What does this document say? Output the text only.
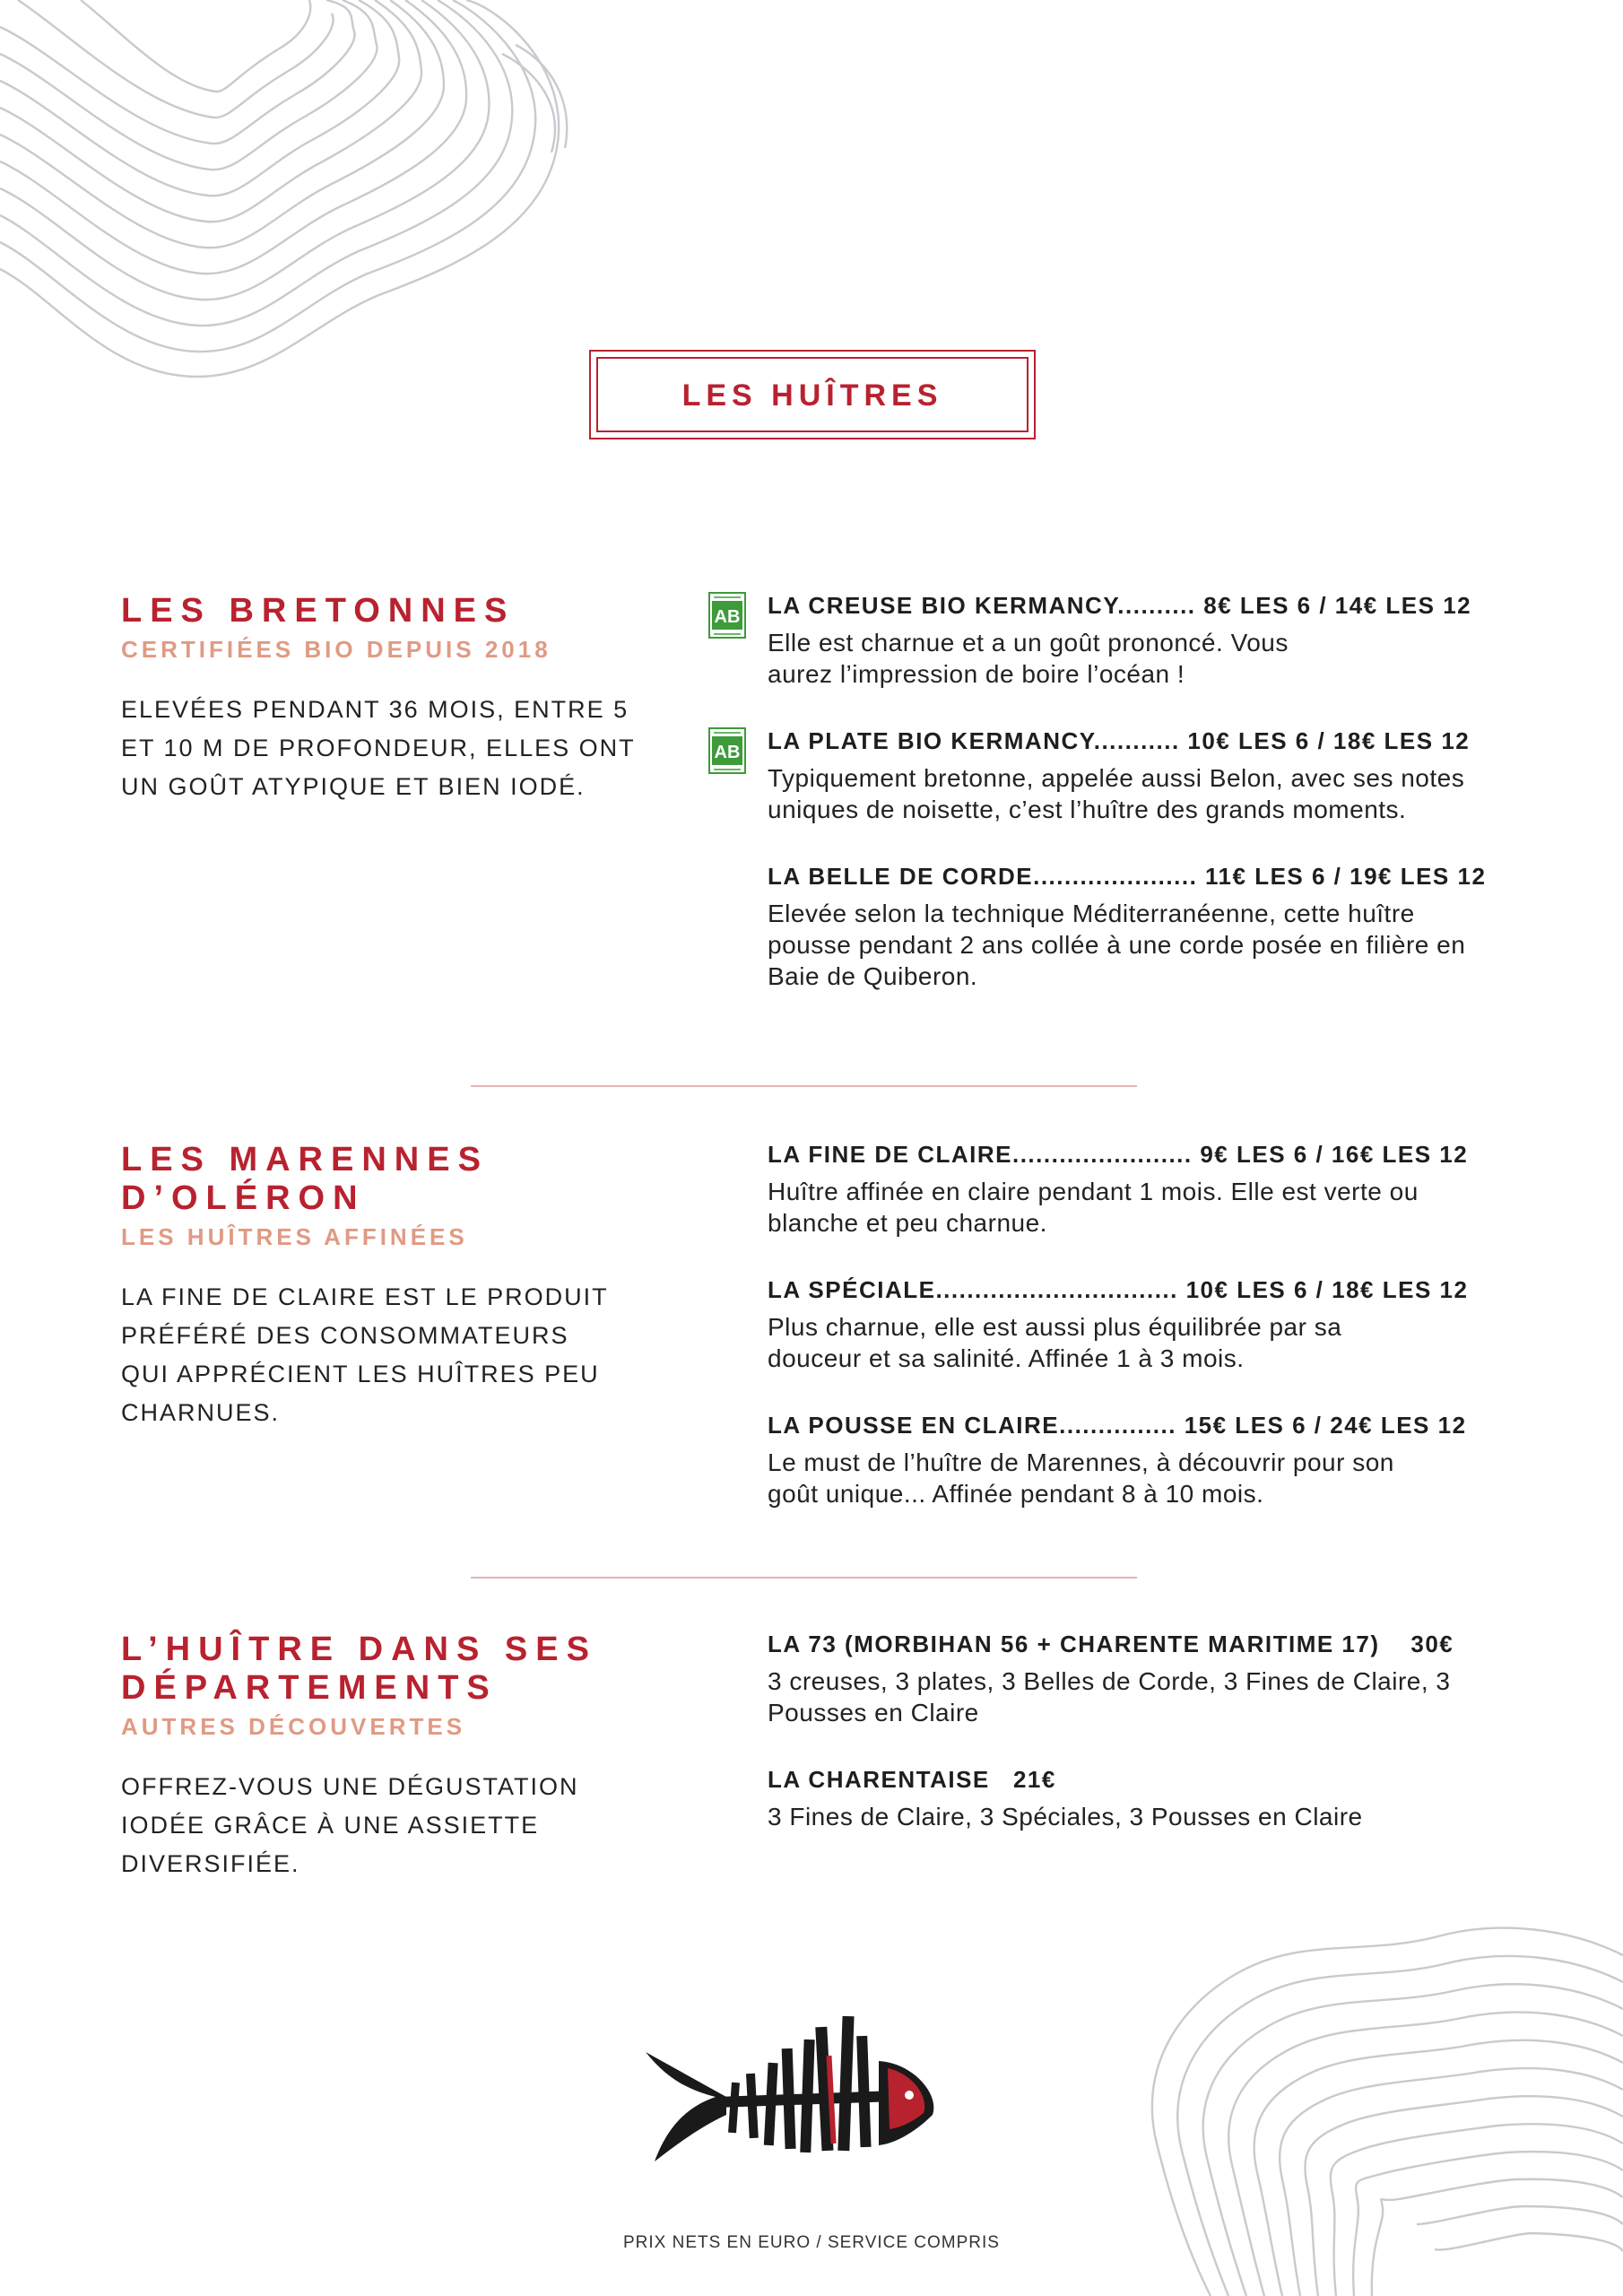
LES HUÎTRES
LES BRETONNES
CERTIFIÉES BIO DEPUIS 2018
ELEVÉES PENDANT 36 MOIS, ENTRE 5 ET 10 M DE PROFONDEUR, ELLES ONT UN GOÛT ATYPIQUE ET BIEN IODÉ.
AB LA CREUSE BIO KERMANCY.......... 8€ LES 6 / 14€ LES 12
Elle est charnue et a un goût prononcé. Vous aurez l’impression de boire l’océan !
AB LA PLATE BIO KERMANCY........... 10€ LES 6 / 18€ LES 12
Typiquement bretonne, appelée aussi Belon, avec ses notes uniques de noisette, c’est l’huître des grands moments.
LA BELLE DE CORDE..................... 11€ LES 6 / 19€ LES 12
Elevée selon la technique Méditerranéenne, cette huître pousse pendant 2 ans collée à une corde posée en filière en Baie de Quiberon.
LES MARENNES
D’OLÉRON
LES HUÎTRES AFFINÉES
LA FINE DE CLAIRE EST LE PRODUIT PRÉFÉRÉ DES CONSOMMATEURS QUI APPRÉCIENT LES HUÎTRES PEU CHARNUES.
LA FINE DE CLAIRE....................... 9€ LES 6 / 16€ LES 12
Huître affinée en claire pendant 1 mois. Elle est verte ou blanche et peu charnue.
LA SPÉCIALE............................... 10€ LES 6 / 18€ LES 12
Plus charnue, elle est aussi plus équilibrée par sa douceur et sa salinité. Affinée 1 à 3 mois.
LA POUSSE EN CLAIRE............... 15€ LES 6 / 24€ LES 12
Le must de l’huître de Marennes, à découvrir pour son goût unique... Affinée pendant 8 à 10 mois.
L’HUÎTRE DANS SES
DÉPARTEMENTS
AUTRES DÉCOUVERTES
OFFREZ-VOUS UNE DÉGUSTATION IODÉE GRÂCE À UNE ASSIETTE DIVERSIFIÉE.
LA 73 (MORBIHAN 56 + CHARENTE MARITIME 17)    30€
3 creuses, 3 plates, 3 Belles de Corde, 3 Fines de Claire, 3 Pousses en Claire
LA CHARENTAISE   21€
3 Fines de Claire, 3 Spéciales, 3 Pousses en Claire
PRIX NETS EN EURO / SERVICE COMPRIS
